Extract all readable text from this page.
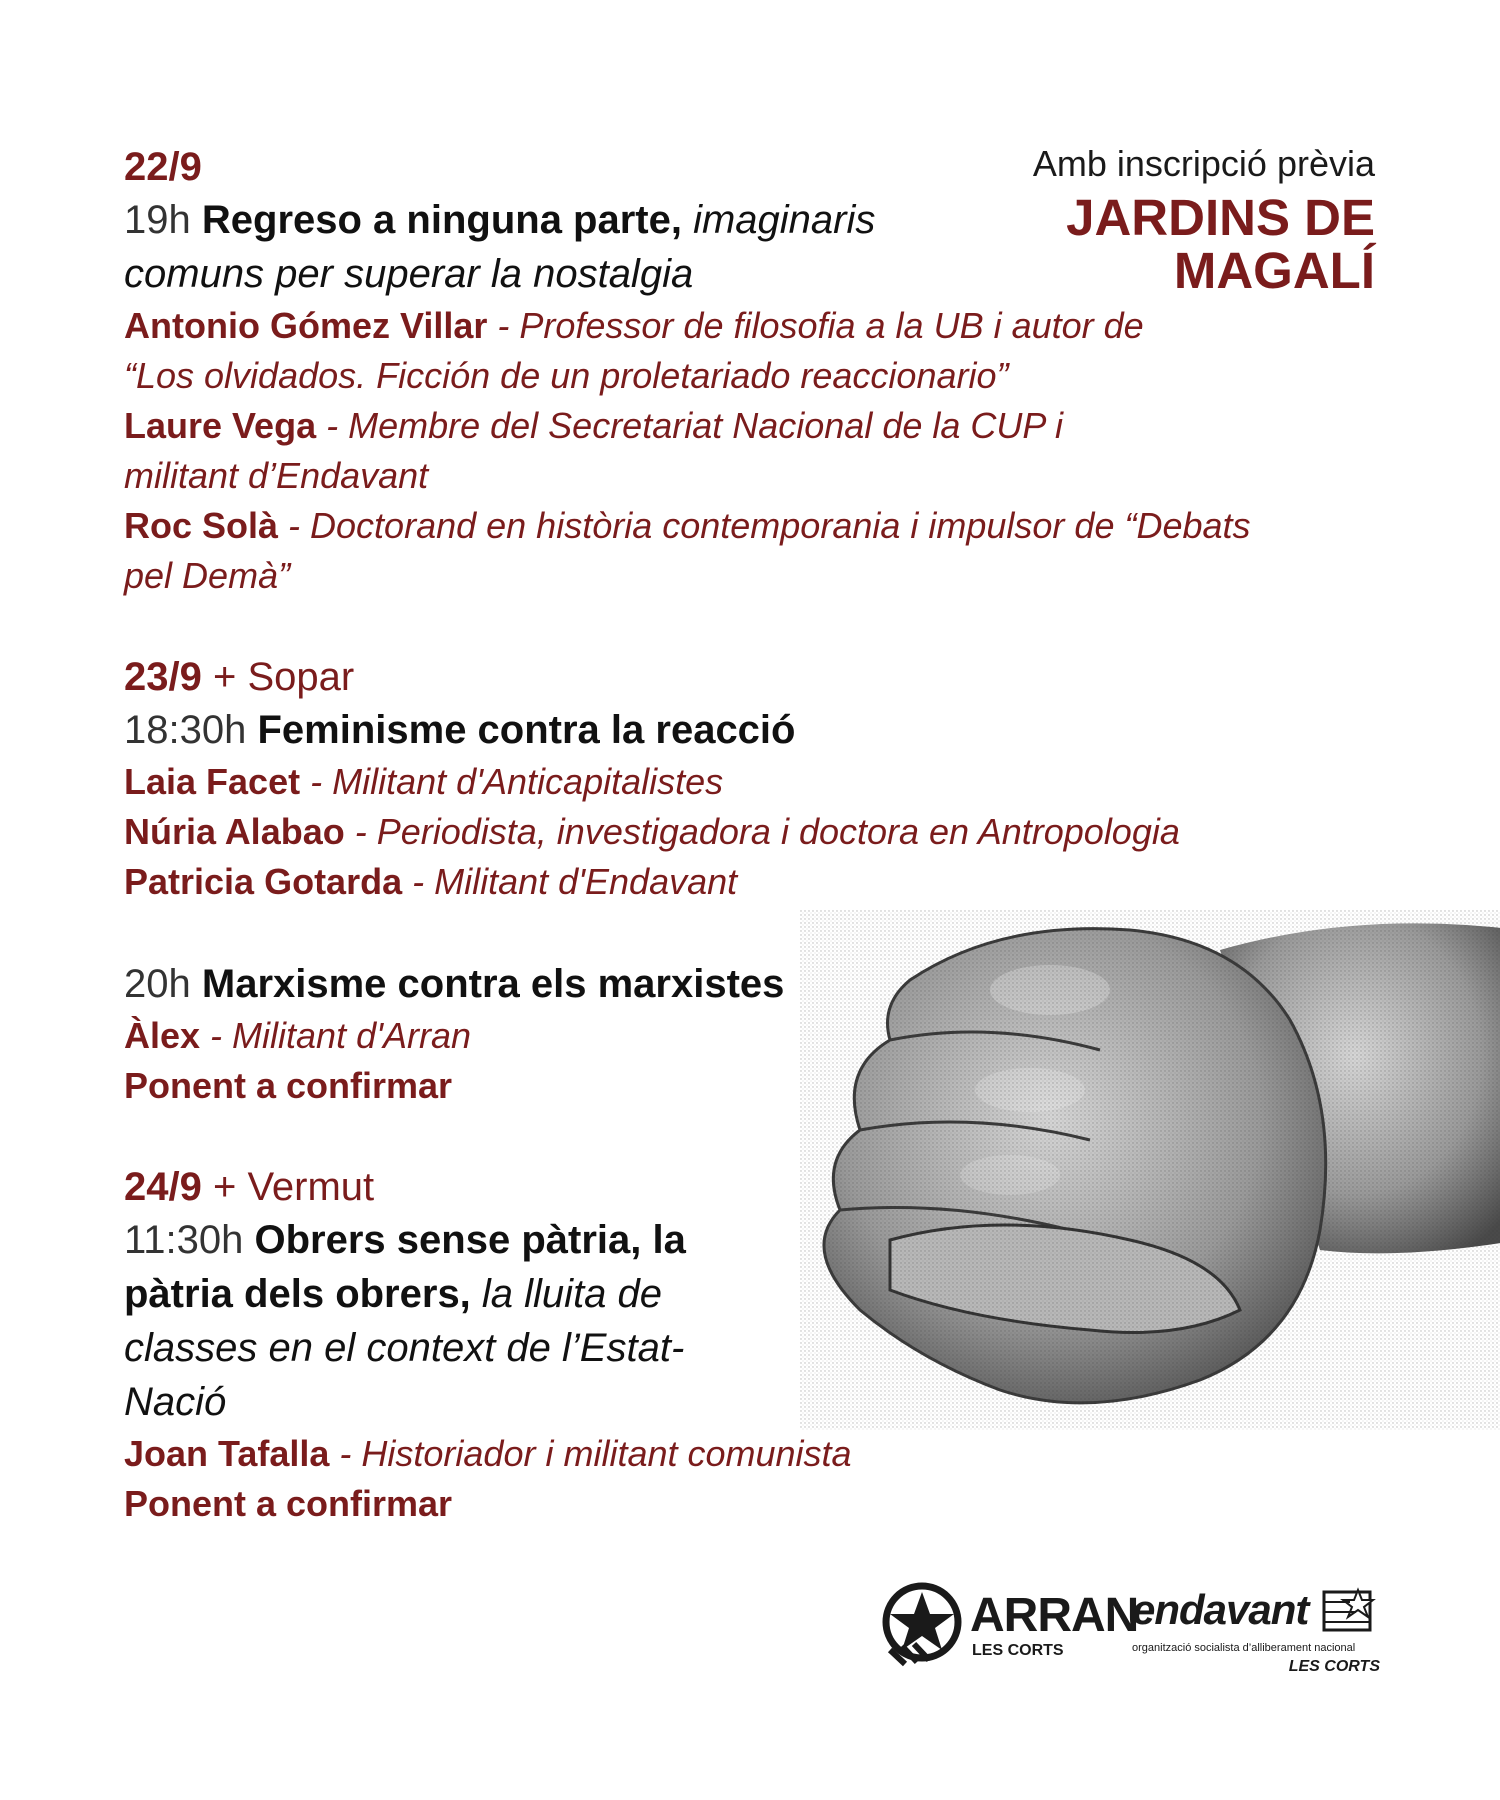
Amb inscripció prèvia
JARDINS DE
MAGALÍ

22/9

19h Regreso a ninguna parte, imaginaris comuns per superar la nostalgia

Antonio Gómez Villar - Professor de filosofia a la UB i autor de “Los olvidados. Ficción de un proletariado reaccionario”

Laure Vega - Membre del Secretariat Nacional de la CUP i militant d’Endavant

Roc Solà - Doctorand en història contemporania i impulsor de “Debats pel Demà”

23/9 + Sopar

18:30h Feminisme contra la reacció

Laia Facet - Militant d'Anticapitalistes

Núria Alabao - Periodista, investigadora i doctora en Antropologia

Patricia Gotarda - Militant d'Endavant

20h Marxisme contra els marxistes

Àlex - Militant d'Arran

Ponent a confirmar

24/9 + Vermut

11:30h Obrers sense pàtria, la pàtria dels obrers, la lluita de classes en el context de l’Estat-Nació

Joan Tafalla - Historiador i militant comunista

Ponent a confirmar

ARRAN
LES CORTS
endavant
organització socialista d’alliberament nacional
LES CORTS
